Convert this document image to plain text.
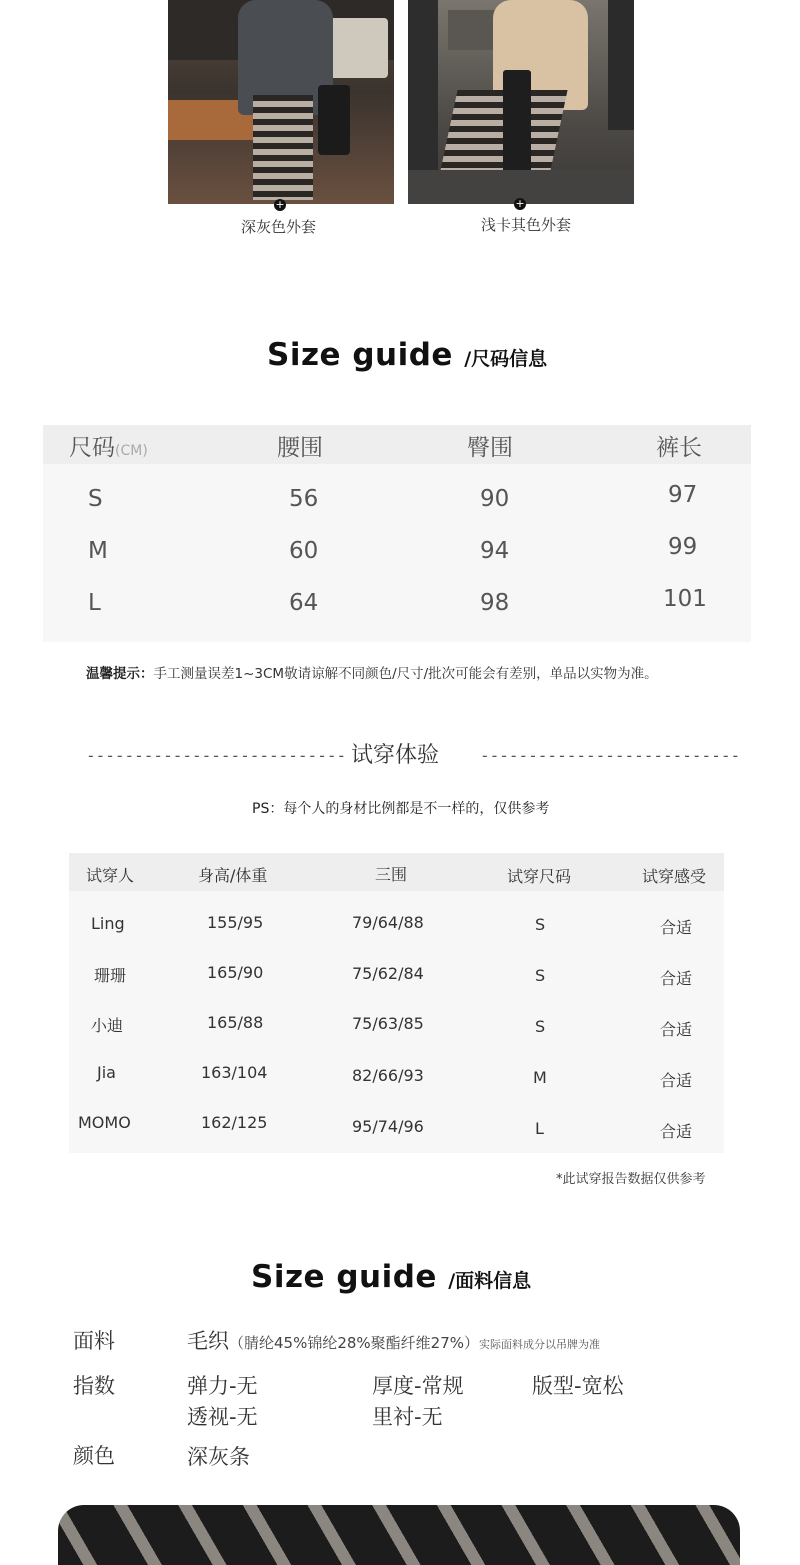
+
深灰色外套
+
浅卡其色外套
Size guide /尺码信息
尺码(CM)	腰围	臀围	裤长
S	56	90	97
M	60	94	99
L	64	98	101
温馨提示：手工测量误差1~3CM敬请谅解不同颜色/尺寸/批次可能会有差别，单品以实物为准。
--------------------------- 试穿体验	---------------------------
PS：每个人的身材比例都是不一样的，仅供参考
试穿人	身高/体重	三围	试穿尺码	试穿感受
Ling	155/95	79/64/88	S	合适
珊珊	165/90	75/62/84	S	合适
小迪	165/88	75/63/85	S	合适
Jia	163/104	82/66/93	M	合适
MOMO	162/125	95/74/96	L	合适
*此试穿报告数据仅供参考
Size guide /面料信息
面料	毛织（腈纶45%锦纶28%聚酯纤维27%）实际面料成分以吊牌为准
指数	弹力-无	厚度-常规	版型-宽松
透视-无	里衬-无
颜色	深灰条
